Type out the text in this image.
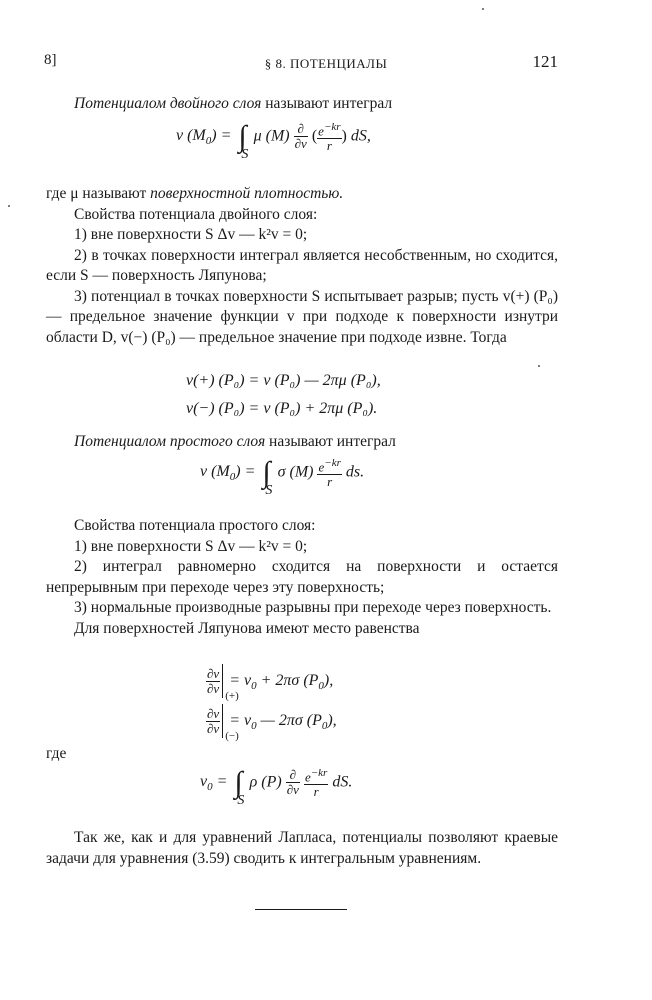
8]	§ 8. ПОТЕНЦИАЛЫ	121

Потенциалом двойного слоя называют интеграл

v $(M_0)$ = ∫
S
μ $(M) \frac{\partial}{\partial\nu}$ ( $\frac{e^{-kr}}{r}$ ) dS,

где μ называют поверхностной плотностью.

Свойства потенциала двойного слоя:

1) вне поверхности S Δv — k²v = 0;

2) в точках поверхности интеграл является несобственным, но сходится, если S — поверхность Ляпунова;

3) потенциал в точках поверхности S испытывает разрыв; пусть v(+) (P₀) — предельное значение функции v при подходе к поверхности изнутри области D, v(−) (P₀) — предельное значение при подходе извне. Тогда

v(+) (P₀) = v (P₀) — 2πμ (P₀),
v(−) (P₀) = v (P₀) + 2πμ (P₀).

Потенциалом простого слоя называют интеграл

v $(M_0)$ = ∫
S
σ $(M) \frac{e^{-kr}}{r}$ ds.

Свойства потенциала простого слоя:

1) вне поверхности S Δv — k²v = 0;

2) интеграл равномерно сходится на поверхности и остается непрерывным при переходе через эту поверхность;

3) нормальные производные разрывны при переходе через поверхность.

Для поверхностей Ляпунова имеют место равенства

$\frac{\partial v}{\partial\nu}$
(+)
= $v_0 + 2\pi\sigma$ $(P_0)$,
$\frac{\partial v}{\partial\nu}$
(−)
= $v_0$ — 2πσ $(P_0)$,

где

$v_0$ = ∫
S
ρ $(P) \frac{\partial}{\partial\nu}$
$\frac{e^{-kr}}{r}$ dS.

Так же, как и для уравнений Лапласа, потенциалы позволяют краевые задачи для уравнения (3.59) сводить к интегральным уравнениям.
